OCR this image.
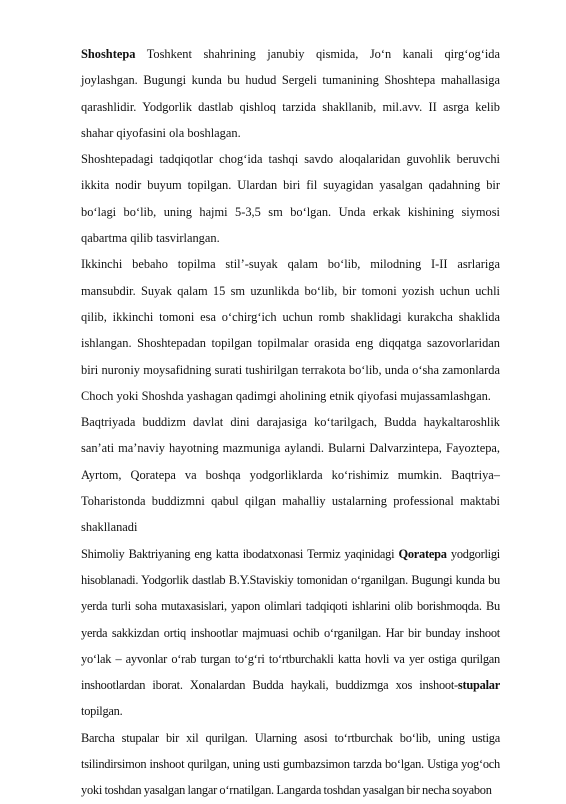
Shoshtepa Toshkent shahrining janubiy qismida, Jo‘n kanali qirg‘og‘ida joylashgan. Bugungi kunda bu hudud Sergeli tumanining Shoshtepa mahallasiga qarashlidir. Yodgorlik dastlab qishloq tarzida shakllanib, mil.avv. II asrga kelib shahar qiyofasini ola boshlagan.

Shoshtepadagi tadqiqotlar chog‘ida tashqi savdo aloqalaridan guvohlik beruvchi ikkita nodir buyum topilgan. Ulardan biri fil suyagidan yasalgan qadahning bir bo‘lagi bo‘lib, uning hajmi 5-3,5 sm bo‘lgan. Unda erkak kishining siymosi qabartma qilib tasvirlangan.

Ikkinchi bebaho topilma stil’-suyak qalam bo‘lib, milodning I-II asrlariga mansubdir. Suyak qalam 15 sm uzunlikda bo‘lib, bir tomoni yozish uchun uchli qilib, ikkinchi tomoni esa o‘chirg‘ich uchun romb shaklidagi kurakcha shaklida ishlangan. Shoshtepadan topilgan topilmalar orasida eng diqqatga sazovorlaridan biri nuroniy moysafidning surati tushirilgan terrakota bo‘lib, unda o‘sha zamonlarda Choch yoki Shoshda yashagan qadimgi aholining etnik qiyofasi mujassamlashgan.

Baqtriyada buddizm davlat dini darajasiga ko‘tarilgach, Budda haykaltaroshlik san’ati ma’naviy hayotning mazmuniga aylandi. Bularni Dalvarzintepa, Fayoztepa, Ayrtom, Qoratepa va boshqa yodgorliklarda ko‘rishimiz mumkin. Baqtriya–Toharistonda buddizmni qabul qilgan mahalliy ustalarning professional maktabi shakllanadi

Shimoliy Baktriyaning eng katta ibodatxonasi Termiz yaqinidagi Qoratepa yodgorligi hisoblanadi. Yodgorlik dastlab B.Y.Staviskiy tomonidan o‘rganilgan. Bugungi kunda bu yerda turli soha mutaxasislari, yapon olimlari tadqiqoti ishlarini olib borishmoqda. Bu yerda sakkizdan ortiq inshootlar majmuasi ochib o‘rganilgan. Har bir bunday inshoot yo‘lak – ayvonlar o‘rab turgan to‘g‘ri to‘rtburchakli katta hovli va yer ostiga qurilgan inshootlardan iborat. Xonalardan Budda haykali, buddizmga xos inshoot-stupalar topilgan.

Barcha stupalar bir xil qurilgan. Ularning asosi to‘rtburchak bo‘lib, uning ustiga tsilindirsimon inshoot qurilgan, uning usti gumbazsimon tarzda bo‘lgan. Ustiga yog‘och yoki toshdan yasalgan langar o‘rnatilgan. Langarda toshdan yasalgan bir necha soyabon
